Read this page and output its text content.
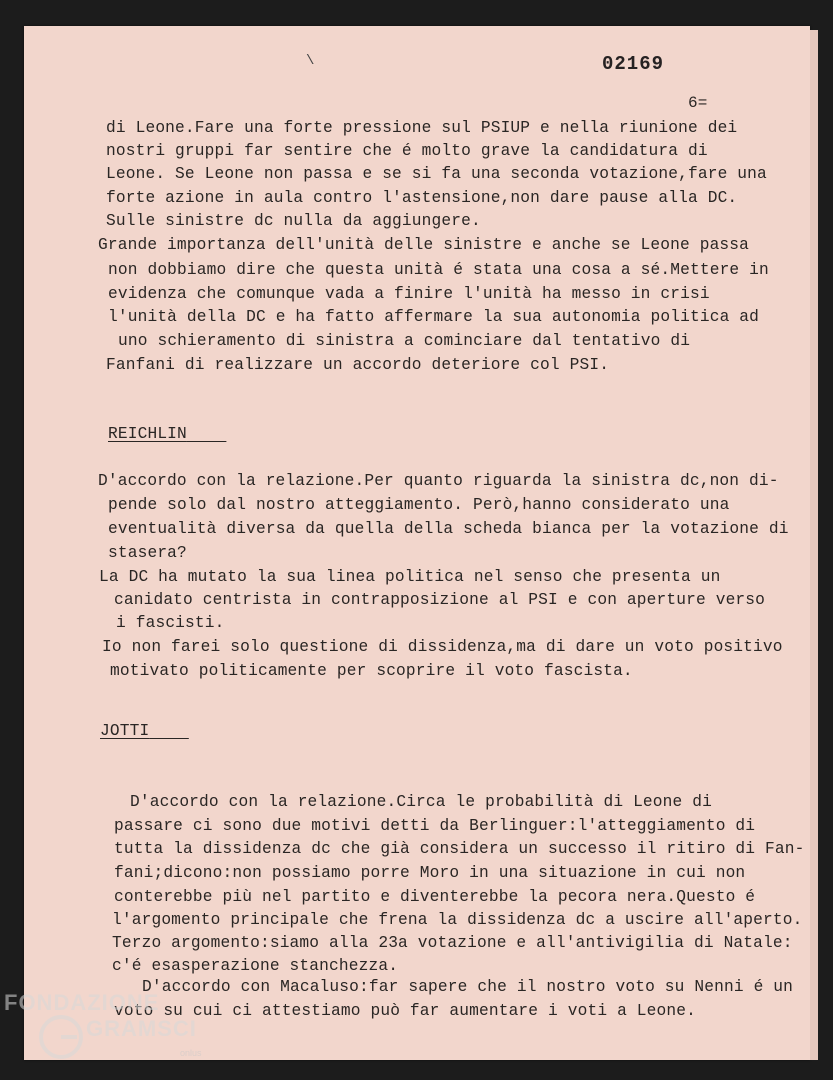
02169
\
6=
di Leone.Fare una forte pressione sul PSIUP e nella riunione dei
nostri gruppi far sentire che é molto grave la candidatura di
Leone. Se Leone non passa e se si fa una seconda votazione,fare una
forte azione in aula contro l'astensione,non dare pause alla DC.
Sulle sinistre dc nulla da aggiungere.
Grande importanza dell'unità delle sinistre e anche se Leone passa
non dobbiamo dire che questa unità é stata una cosa a sé.Mettere in
evidenza che comunque vada a finire l'unità ha messo in crisi
l'unità della DC e ha fatto affermare la sua autonomia politica ad
uno schieramento di sinistra a cominciare dal tentativo di
Fanfani di realizzare un accordo deteriore col PSI.
REICHLIN
D'accordo con la relazione.Per quanto riguarda la sinistra dc,non di-
pende solo dal nostro atteggiamento. Però,hanno considerato una
eventualità diversa da quella della scheda bianca per la votazione di
stasera?
La DC ha mutato la sua linea politica nel senso che presenta un
canidato centrista in contrapposizione al PSI e con aperture verso
i fascisti.
Io non farei solo questione di dissidenza,ma di dare un voto positivo
motivato politicamente per scoprire il voto fascista.
JOTTI
D'accordo con la relazione.Circa le probabilità di Leone di
passare ci sono due motivi detti da Berlinguer:l'atteggiamento di
tutta la dissidenza dc che già considera un successo il ritiro di Fan-
fani;dicono:non possiamo porre Moro in una situazione in cui non
conterebbe più nel partito e diventerebbe la pecora nera.Questo é
l'argomento principale che frena la dissidenza dc a uscire all'aperto.
Terzo argomento:siamo alla 23a votazione e all'antivigilia di Natale:
c'é esasperazione stanchezza.
D'accordo con Macaluso:far sapere che il nostro voto su Nenni é un
voto su cui ci attestiamo può far aumentare i voti a Leone.
FONDAZIONE
GRAMSCI
onlus
